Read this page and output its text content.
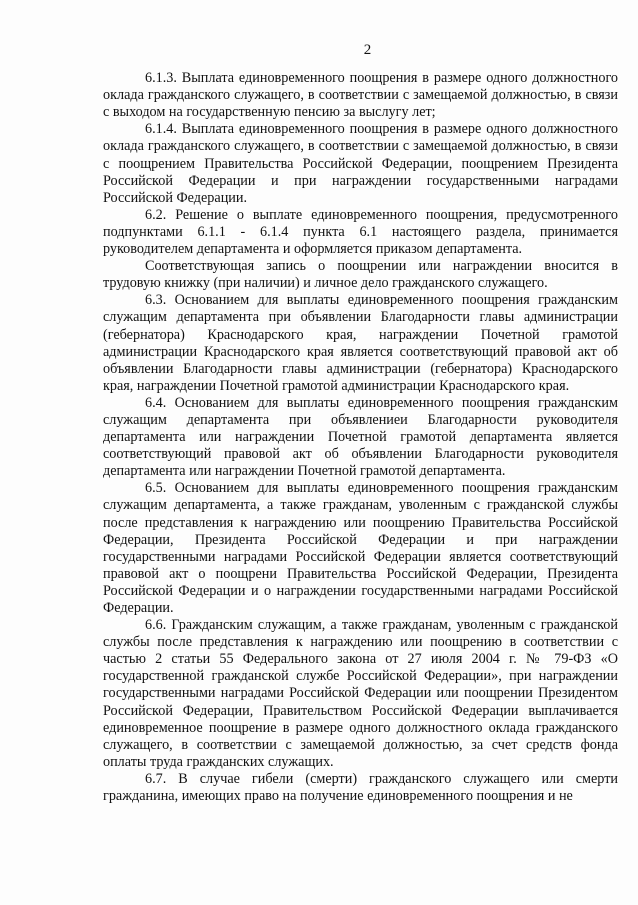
2

6.1.3. Выплата единовременного поощрения в размере одного должностного оклада гражданского служащего, в соответствии с замещаемой должностью, в связи с выходом на государственную пенсию за выслугу лет;

6.1.4. Выплата единовременного поощрения в размере одного должностного оклада гражданского служащего, в соответствии с замещаемой должностью, в связи с поощрением Правительства Российской Федерации, поощрением Президента Российской Федерации и при награждении государственными наградами Российской Федерации.

6.2. Решение о выплате единовременного поощрения, предусмотренного подпунктами 6.1.1 - 6.1.4 пункта 6.1 настоящего раздела, принимается руководителем департамента и оформляется приказом департамента.

Соответствующая запись о поощрении или награждении вносится в трудовую книжку (при наличии) и личное дело гражданского служащего.

6.3. Основанием для выплаты единовременного поощрения гражданским служащим департамента при объявлении Благодарности главы администрации (гебернатора) Краснодарского края, награждении Почетной грамотой администрации Краснодарского края является соответствующий правовой акт об объявлении Благодарности главы администрации (гебернатора) Краснодарского края, награждении Почетной грамотой администрации Краснодарского края.

6.4. Основанием для выплаты единовременного поощрения гражданским служащим департамента при объявлениеи Благодарности руководителя департамента или награждении Почетной грамотой департамента является соответствующий правовой акт об объявлении Благодарности руководителя департамента или награждении Почетной грамотой департамента.

6.5. Основанием для выплаты единовременного поощрения гражданским служащим департамента, а также гражданам, уволенным с гражданской службы после представления к награждению или поощрению Правительства Российской Федерации, Президента Российской Федерации и при награждении государственными наградами Российской Федерации является соответствующий правовой акт о поощрени Правительства Российской Федерации, Президента Российской Федерации и о награждении государственными наградами Российской Федерации.

6.6. Гражданским служащим, а также гражданам, уволенным с гражданской службы после представления к награждению или поощрению в соответствии с частью 2 статьи 55 Федерального закона от 27 июля 2004 г. № 79-ФЗ «О государственной гражданской службе Российской Федерации», при награждении государственными наградами Российской Федерации или поощрении Президентом Российской Федерации, Правительством Российской Федерации выплачивается единовременное поощрение в размере одного должностного оклада гражданского служащего, в соответствии с замещаемой должностью, за счет средств фонда оплаты труда гражданских служащих.

6.7. В случае гибели (смерти) гражданского служащего или смерти гражданина, имеющих право на получение единовременного поощрения и не
